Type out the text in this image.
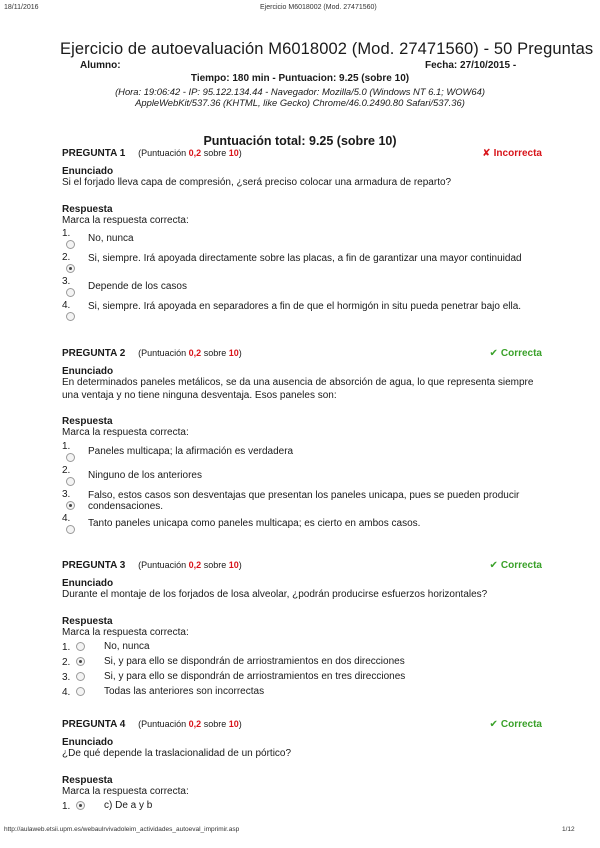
18/11/2016	Ejercicio M6018002 (Mod. 27471560)
Ejercicio de autoevaluación M6018002 (Mod. 27471560) - 50 Preguntas
Alumno:	Fecha: 27/10/2015 -
Tiempo: 180 min - Puntuacion: 9.25 (sobre 10)
(Hora: 19:06:42 - IP: 95.122.134.44 - Navegador: Mozilla/5.0 (Windows NT 6.1; WOW64)
AppleWebKit/537.36 (KHTML, like Gecko) Chrome/46.0.2490.80 Safari/537.36)
Puntuación total: 9.25 (sobre 10)
PREGUNTA 1 (Puntuación 0,2 sobre 10)	✘ Incorrecta
Enunciado
Si el forjado lleva capa de compresión, ¿será preciso colocar una armadura de reparto?
Respuesta
Marca la respuesta correcta:
1. No, nunca
2. Si, siempre. Irá apoyada directamente sobre las placas, a fin de garantizar una mayor continuidad
3. Depende de los casos
4. Si, siempre. Irá apoyada en separadores a fin de que el hormigón in situ pueda penetrar bajo ella.
PREGUNTA 2 (Puntuación 0,2 sobre 10)	✔ Correcta
Enunciado
En determinados paneles metálicos, se da una ausencia de absorción de agua, lo que representa siempre una ventaja y no tiene ninguna desventaja. Esos paneles son:
Respuesta
Marca la respuesta correcta:
1. Paneles multicapa; la afirmación es verdadera
2. Ninguno de los anteriores
3. Falso, estos casos son desventajas que presentan los paneles unicapa, pues se pueden producir condensaciones.
4. Tanto paneles unicapa como paneles multicapa; es cierto en ambos casos.
PREGUNTA 3 (Puntuación 0,2 sobre 10)	✔ Correcta
Enunciado
Durante el montaje de los forjados de losa alveolar, ¿podrán producirse esfuerzos horizontales?
Respuesta
Marca la respuesta correcta:
1.	No, nunca
2.	Si, y para ello se dispondrán de arriostramientos en dos direcciones
3.	Si, y para ello se dispondrán de arriostramientos en tres direcciones
4.	Todas las anteriores son incorrectas
PREGUNTA 4 (Puntuación 0,2 sobre 10)	✔ Correcta
Enunciado
¿De qué depende la traslacionalidad de un pórtico?
Respuesta
Marca la respuesta correcta:
1.	c) De a y b
http://aulaweb.etsii.upm.es/webaulrvivadoleim_actividades_autoeval_imprimir.asp	1/12
